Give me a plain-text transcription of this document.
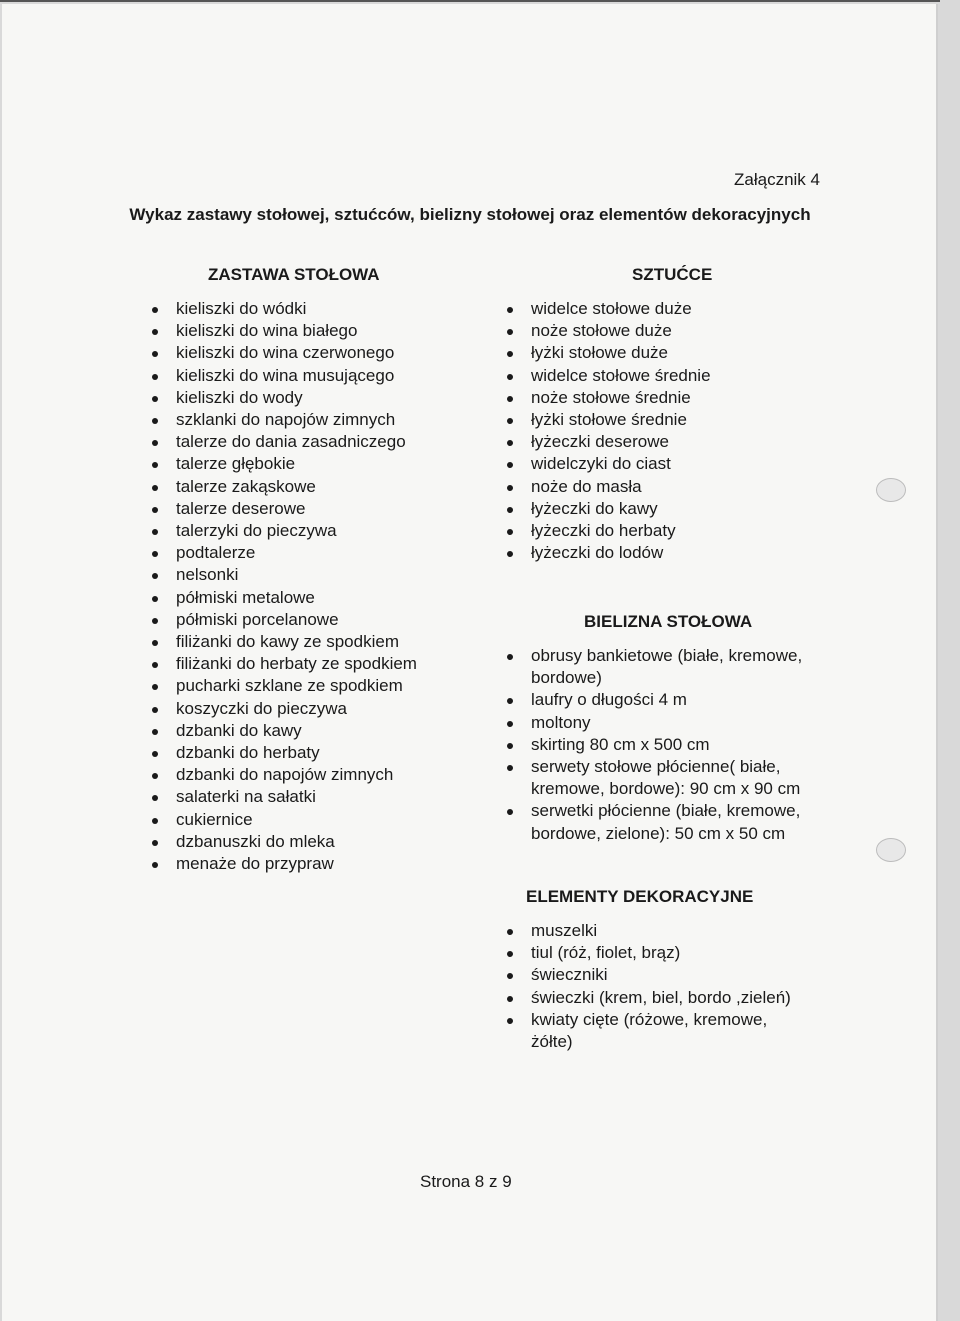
Załącznik 4
Wykaz zastawy stołowej, sztućców, bielizny stołowej oraz elementów dekoracyjnych
ZASTAWA STOŁOWA
kieliszki do wódki
kieliszki do wina białego
kieliszki do wina czerwonego
kieliszki do wina musującego
kieliszki do wody
szklanki do napojów zimnych
talerze do dania zasadniczego
talerze głębokie
talerze zakąskowe
talerze deserowe
talerzyki do pieczywa
podtalerze
nelsonki
półmiski metalowe
półmiski porcelanowe
filiżanki do kawy ze spodkiem
filiżanki do herbaty ze spodkiem
pucharki szklane ze spodkiem
koszyczki do pieczywa
dzbanki do kawy
dzbanki do herbaty
dzbanki do napojów zimnych
salaterki na sałatki
cukiernice
dzbanuszki do mleka
menaże do przypraw
SZTUĆCE
widelce stołowe duże
noże stołowe duże
łyżki stołowe duże
widelce stołowe średnie
noże stołowe średnie
łyżki stołowe średnie
łyżeczki deserowe
widelczyki do ciast
noże do masła
łyżeczki do kawy
łyżeczki do herbaty
łyżeczki do lodów
BIELIZNA STOŁOWA
obrusy bankietowe (białe, kremowe, bordowe)
laufry o długości 4 m
moltony
skirting 80 cm x 500 cm
serwety stołowe płócienne( białe, kremowe, bordowe): 90 cm x 90 cm
serwetki płócienne (białe, kremowe, bordowe, zielone): 50 cm x 50 cm
ELEMENTY DEKORACYJNE
muszelki
tiul (róż, fiolet, brąz)
świeczniki
świeczki (krem, biel, bordo ,zieleń)
kwiaty cięte (różowe, kremowe, żółte)
Strona 8 z 9
